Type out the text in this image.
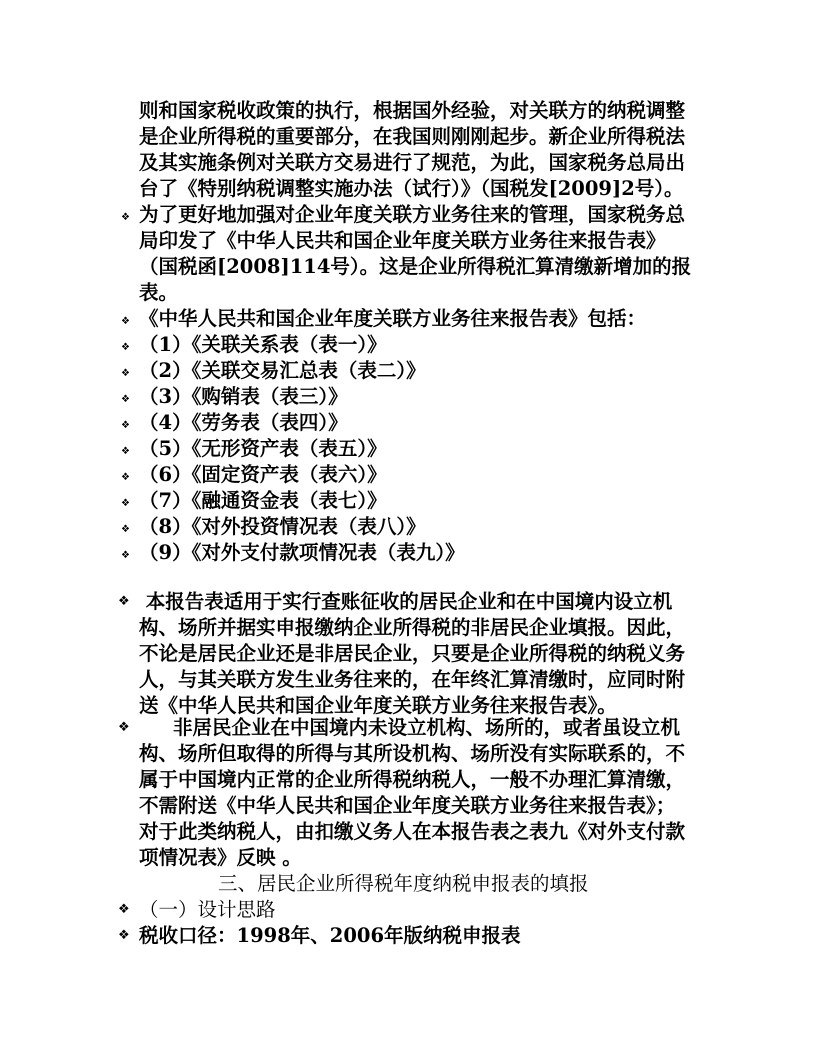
则和国家税收政策的执行，根据国外经验，对关联方的纳税调整
是企业所得税的重要部分，在我国则刚刚起步。新企业所得税法
及其实施条例对关联方交易进行了规范，为此，国家税务总局出
台了《特别纳税调整实施办法（试行）》（国税发[2009]2号）。
❖ 为了更好地加强对企业年度关联方业务往来的管理，国家税务总
局印发了《中华人民共和国企业年度关联方业务往来报告表》
（国税函[2008]114号）。这是企业所得税汇算清缴新增加的报
表。
❖ 《中华人民共和国企业年度关联方业务往来报告表》包括：
❖ （1）《关联关系表（表一）》
❖ （2）《关联交易汇总表（表二）》
❖ （3）《购销表（表三）》
❖ （4）《劳务表（表四）》
❖ （5）《无形资产表（表五）》
❖ （6）《固定资产表（表六）》
❖ （7）《融通资金表（表七）》
❖ （8）《对外投资情况表（表八）》
❖ （9）《对外支付款项情况表（表九）》
❖ 本报告表适用于实行查账征收的居民企业和在中国境内设立机
构、场所并据实申报缴纳企业所得税的非居民企业填报。因此，
不论是居民企业还是非居民企业，只要是企业所得税的纳税义务
人，与其关联方发生业务往来的，在年终汇算清缴时，应同时附
送《中华人民共和国企业年度关联方业务往来报告表》。
❖ 非居民企业在中国境内未设立机构、场所的，或者虽设立机
构、场所但取得的所得与其所设机构、场所没有实际联系的，不
属于中国境内正常的企业所得税纳税人，一般不办理汇算清缴，
不需附送《中华人民共和国企业年度关联方业务往来报告表》；
对于此类纳税人，由扣缴义务人在本报告表之表九《对外支付款
项情况表》反映 。
三、居民企业所得税年度纳税申报表的填报
❖ （一）设计思路
❖ 税收口径：1998年、2006年版纳税申报表
